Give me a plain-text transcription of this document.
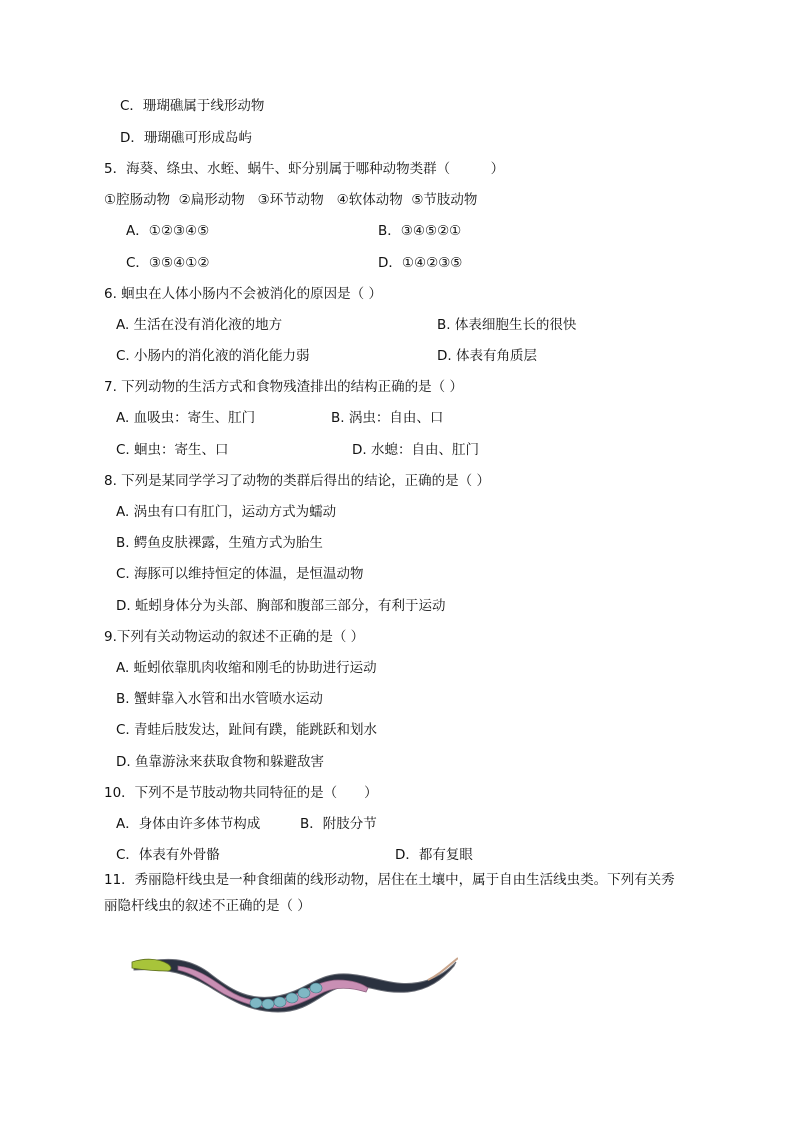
C．珊瑚礁属于线形动物
D．珊瑚礁可形成岛屿
5．海葵、绦虫、水蛭、蜗牛、虾分别属于哪种动物类群（　　　）
①腔肠动物  ②扁形动物   ③环节动物   ④软体动物  ⑤节肢动物
A．①②③④⑤	B．③④⑤②①
C．③⑤④①②	D．①④②③⑤
6. 蛔虫在人体小肠内不会被消化的原因是（ ）
A. 生活在没有消化液的地方	B. 体表细胞生长的很快
C. 小肠内的消化液的消化能力弱	D. 体表有角质层
7. 下列动物的生活方式和食物残渣排出的结构正确的是（ ）
A. 血吸虫：寄生、肛门	B. 涡虫：自由、口
C. 蛔虫：寄生、口	D. 水螅：自由、肛门
8. 下列是某同学学习了动物的类群后得出的结论，正确的是（ ）
A. 涡虫有口有肛门，运动方式为蠕动
B. 鳄鱼皮肤裸露，生殖方式为胎生
C. 海豚可以维持恒定的体温，是恒温动物
D. 蚯蚓身体分为头部、胸部和腹部三部分，有利于运动
9.下列有关动物运动的叙述不正确的是（ ）
A. 蚯蚓依靠肌肉收缩和刚毛的协助进行运动
B. 蟹蚌靠入水管和出水管喷水运动
C. 青蛙后肢发达，趾间有蹼，能跳跃和划水
D. 鱼靠游泳来获取食物和躲避敌害
10．下列不是节肢动物共同特征的是（　　）
A．身体由许多体节构成	B．附肢分节
C．体表有外骨骼	D．都有复眼
11．秀丽隐杆线虫是一种食细菌的线形动物，居住在土壤中，属于自由生活线虫类。下列有关秀
丽隐杆线虫的叙述不正确的是（ ）
